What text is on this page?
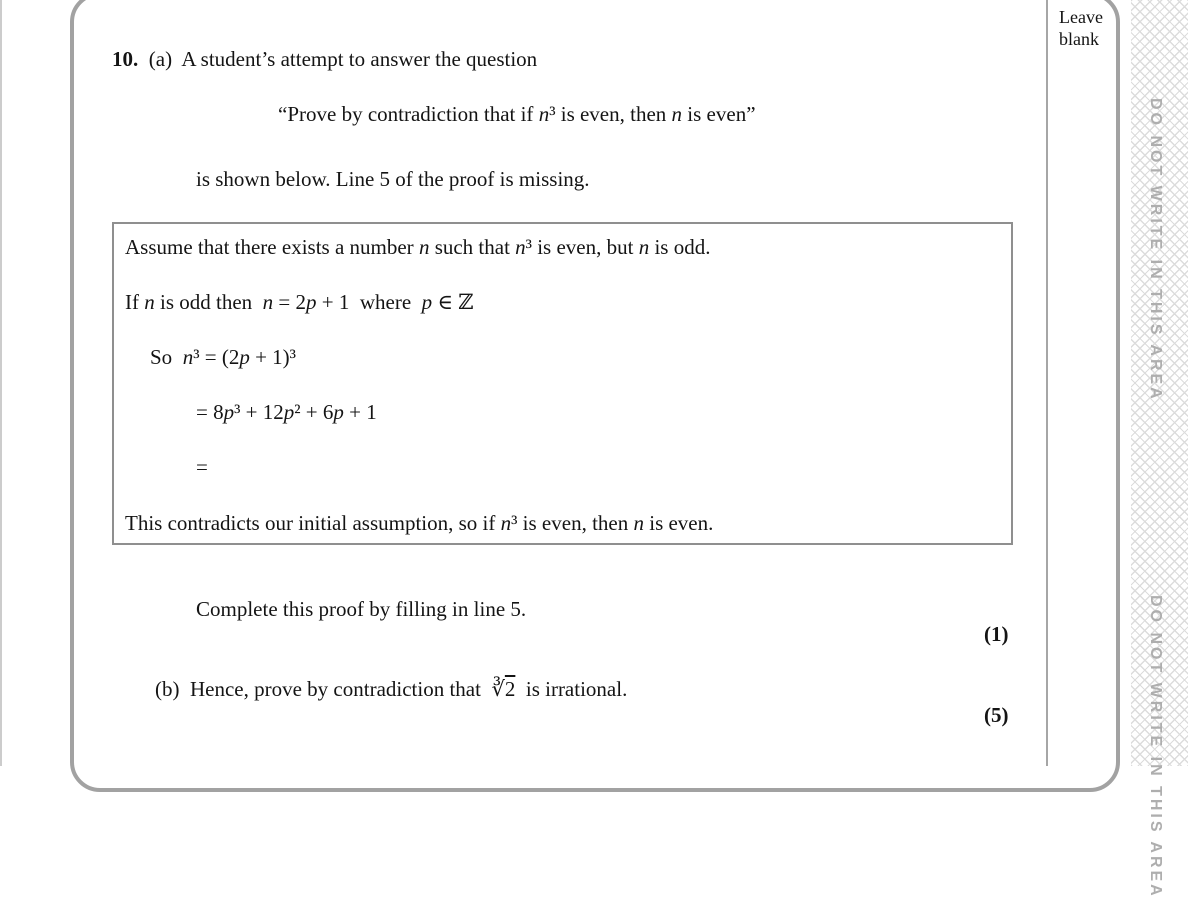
Leave blank
DO NOT WRITE IN THIS AREA
DO NOT WRITE IN THIS AREA
10.  (a)  A student’s attempt to answer the question
“Prove by contradiction that if n³ is even, then n is even”
is shown below. Line 5 of the proof is missing.
Assume that there exists a number n such that n³ is even, but n is odd.
If n is odd then  n = 2p + 1  where  p ∈ ℤ
So  n³ = (2p + 1)³
= 8p³ + 12p² + 6p + 1
=
This contradicts our initial assumption, so if n³ is even, then n is even.
Complete this proof by filling in line 5.
(1)
(b)  Hence, prove by contradiction that  ∛2  is irrational.
(5)
